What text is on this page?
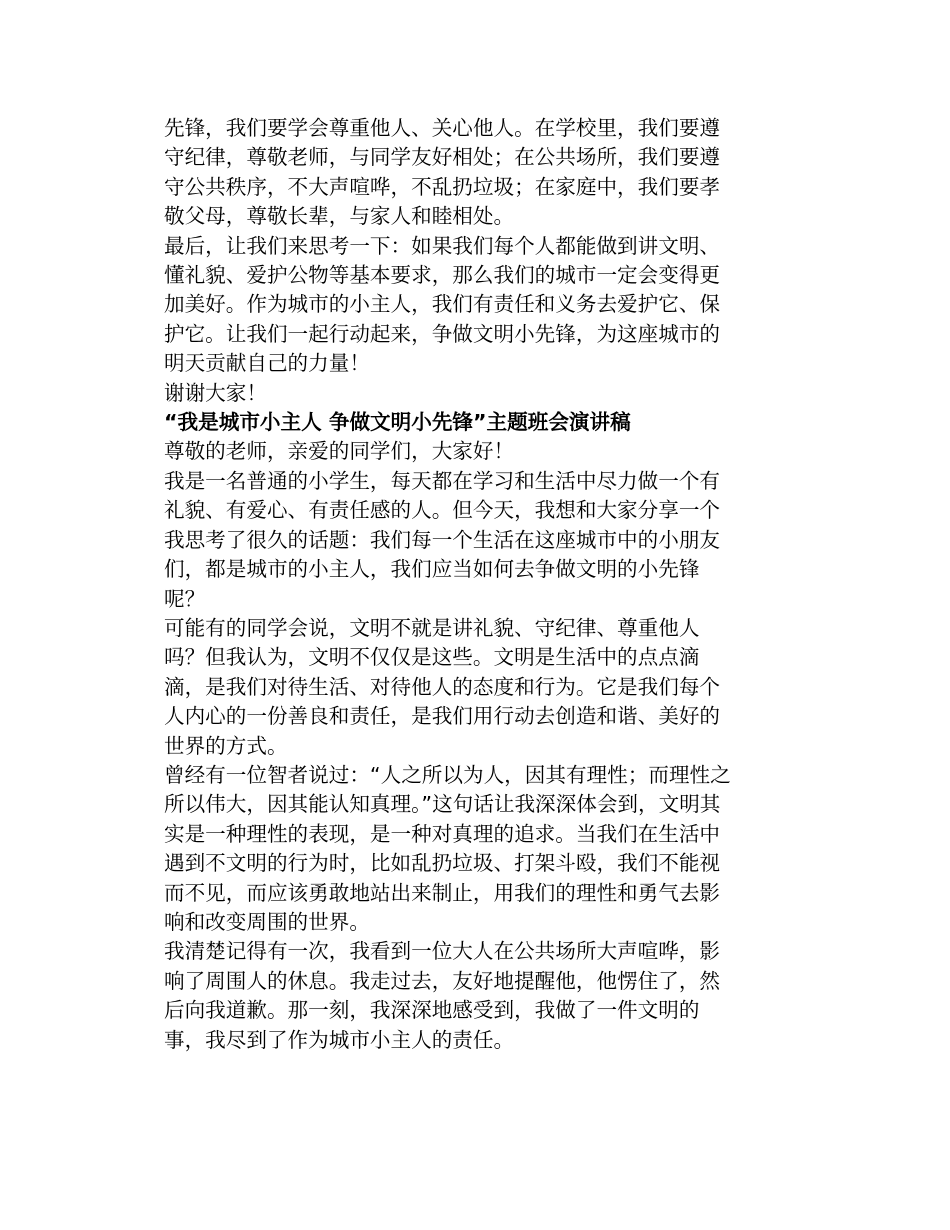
先锋，我们要学会尊重他人、关心他人。在学校里，我们要遵
守纪律，尊敬老师，与同学友好相处；在公共场所，我们要遵
守公共秩序，不大声喧哗，不乱扔垃圾；在家庭中，我们要孝
敬父母，尊敬长辈，与家人和睦相处。

最后，让我们来思考一下：如果我们每个人都能做到讲文明、
懂礼貌、爱护公物等基本要求，那么我们的城市一定会变得更
加美好。作为城市的小主人，我们有责任和义务去爱护它、保
护它。让我们一起行动起来，争做文明小先锋，为这座城市的
明天贡献自己的力量！

谢谢大家！

“我是城市小主人 争做文明小先锋”主题班会演讲稿

尊敬的老师，亲爱的同学们，大家好！

我是一名普通的小学生，每天都在学习和生活中尽力做一个有
礼貌、有爱心、有责任感的人。但今天，我想和大家分享一个
我思考了很久的话题：我们每一个生活在这座城市中的小朋友
们，都是城市的小主人，我们应当如何去争做文明的小先锋
呢？

可能有的同学会说，文明不就是讲礼貌、守纪律、尊重他人
吗？但我认为，文明不仅仅是这些。文明是生活中的点点滴
滴，是我们对待生活、对待他人的态度和行为。它是我们每个
人内心的一份善良和责任，是我们用行动去创造和谐、美好的
世界的方式。

曾经有一位智者说过：“人之所以为人，因其有理性；而理性之
所以伟大，因其能认知真理。”这句话让我深深体会到，文明其
实是一种理性的表现，是一种对真理的追求。当我们在生活中
遇到不文明的行为时，比如乱扔垃圾、打架斗殴，我们不能视
而不见，而应该勇敢地站出来制止，用我们的理性和勇气去影
响和改变周围的世界。

我清楚记得有一次，我看到一位大人在公共场所大声喧哗，影
响了周围人的休息。我走过去，友好地提醒他，他愣住了，然
后向我道歉。那一刻，我深深地感受到，我做了一件文明的
事，我尽到了作为城市小主人的责任。
